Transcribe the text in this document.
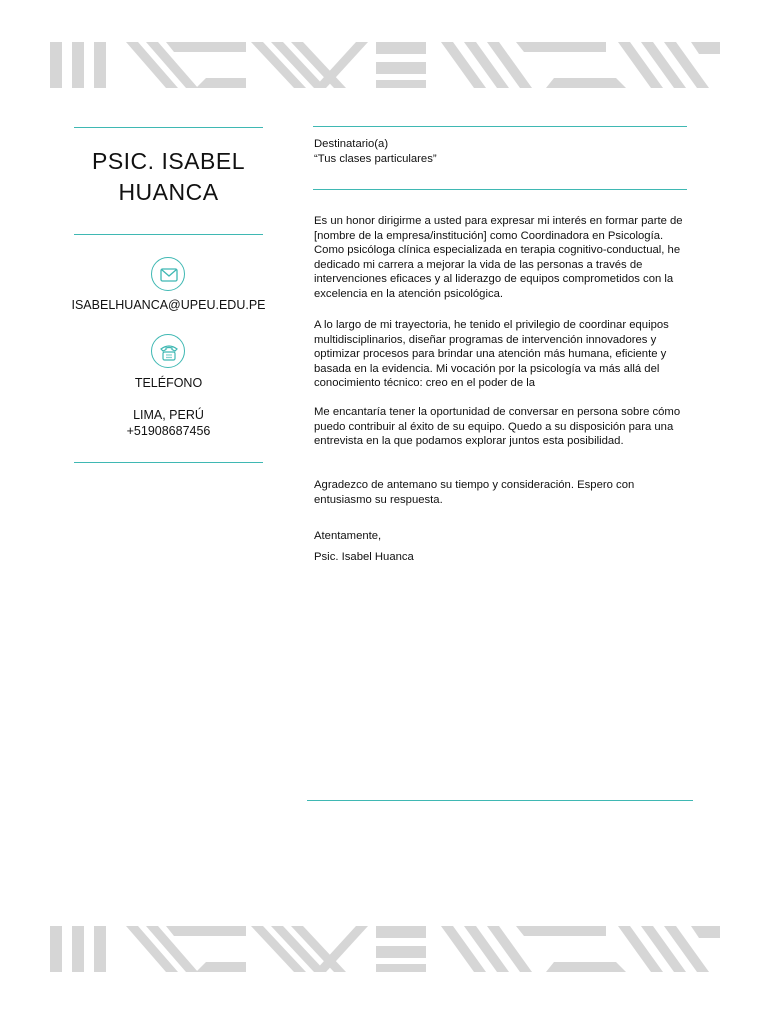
PSIC. ISABEL HUANCA
ISABELHUANCA@UPEU.EDU.PE
TELÉFONO
LIMA, PERÚ
+51908687456

Destinatario(a)

“Tus clases particulares”

Es un honor dirigirme a usted para expresar mi interés en formar parte de [nombre de la empresa/institución] como Coordinadora en Psicología. Como psicóloga clínica especializada en terapia cognitivo-conductual, he dedicado mi carrera a mejorar la vida de las personas a través de intervenciones eficaces y al liderazgo de equipos comprometidos con la excelencia en la atención psicológica.
A lo largo de mi trayectoria, he tenido el privilegio de coordinar equipos multidisciplinarios, diseñar programas de intervención innovadores y optimizar procesos para brindar una atención más humana, eficiente y basada en la evidencia. Mi vocación por la psicología va más allá del conocimiento técnico: creo en el poder de la
Me encantaría tener la oportunidad de conversar en persona sobre cómo puedo contribuir al éxito de su equipo. Quedo a su disposición para una entrevista en la que podamos explorar juntos esta posibilidad.
Agradezco de antemano su tiempo y consideración. Espero con entusiasmo su respuesta.
Atentamente,
Psic. Isabel Huanca
